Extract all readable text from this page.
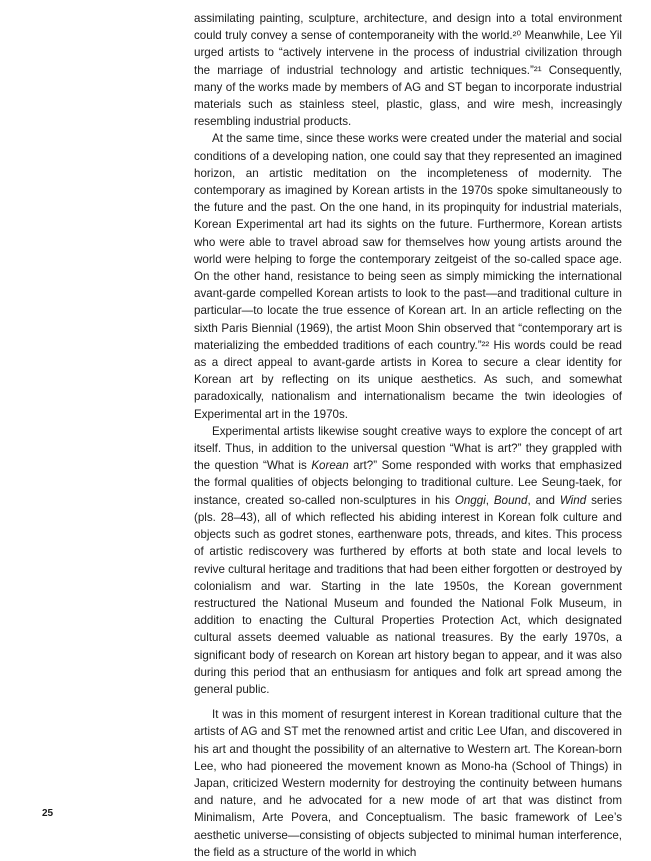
assimilating painting, sculpture, architecture, and design into a total environment could truly convey a sense of contemporaneity with the world.²⁰ Meanwhile, Lee Yil urged artists to “actively intervene in the process of industrial civilization through the marriage of industrial technology and artistic techniques.”²¹ Consequently, many of the works made by members of AG and ST began to incorporate industrial materials such as stainless steel, plastic, glass, and wire mesh, increasingly resembling industrial products.

At the same time, since these works were created under the material and social conditions of a developing nation, one could say that they represented an imagined horizon, an artistic meditation on the incompleteness of modernity. The contemporary as imagined by Korean artists in the 1970s spoke simultaneously to the future and the past. On the one hand, in its propinquity for industrial materials, Korean Experimental art had its sights on the future. Furthermore, Korean artists who were able to travel abroad saw for themselves how young artists around the world were helping to forge the contemporary zeitgeist of the so-called space age. On the other hand, resistance to being seen as simply mimicking the international avant-garde compelled Korean artists to look to the past—and traditional culture in particular—to locate the true essence of Korean art. In an article reflecting on the sixth Paris Biennial (1969), the artist Moon Shin observed that “contemporary art is materializing the embedded traditions of each country.”²² His words could be read as a direct appeal to avant-garde artists in Korea to secure a clear identity for Korean art by reflecting on its unique aesthetics. As such, and somewhat paradoxically, nationalism and internationalism became the twin ideologies of Experimental art in the 1970s.

Experimental artists likewise sought creative ways to explore the concept of art itself. Thus, in addition to the universal question “What is art?” they grappled with the question “What is Korean art?” Some responded with works that emphasized the formal qualities of objects belonging to traditional culture. Lee Seung-taek, for instance, created so-called non-sculptures in his Onggi, Bound, and Wind series (pls. 28–43), all of which reflected his abiding interest in Korean folk culture and objects such as godret stones, earthenware pots, threads, and kites. This process of artistic rediscovery was furthered by efforts at both state and local levels to revive cultural heritage and traditions that had been either forgotten or destroyed by colonialism and war. Starting in the late 1950s, the Korean government restructured the National Museum and founded the National Folk Museum, in addition to enacting the Cultural Properties Protection Act, which designated cultural assets deemed valuable as national treasures. By the early 1970s, a significant body of research on Korean art history began to appear, and it was also during this period that an enthusiasm for antiques and folk art spread among the general public.

It was in this moment of resurgent interest in Korean traditional culture that the artists of AG and ST met the renowned artist and critic Lee Ufan, and discovered in his art and thought the possibility of an alternative to Western art. The Korean-born Lee, who had pioneered the movement known as Mono-ha (School of Things) in Japan, criticized Western modernity for destroying the continuity between humans and nature, and he advocated for a new mode of art that was distinct from Minimalism, Arte Povera, and Conceptualism. The basic framework of Lee’s aesthetic universe—consisting of objects subjected to minimal human interference, the field as a structure of the world in which

25
